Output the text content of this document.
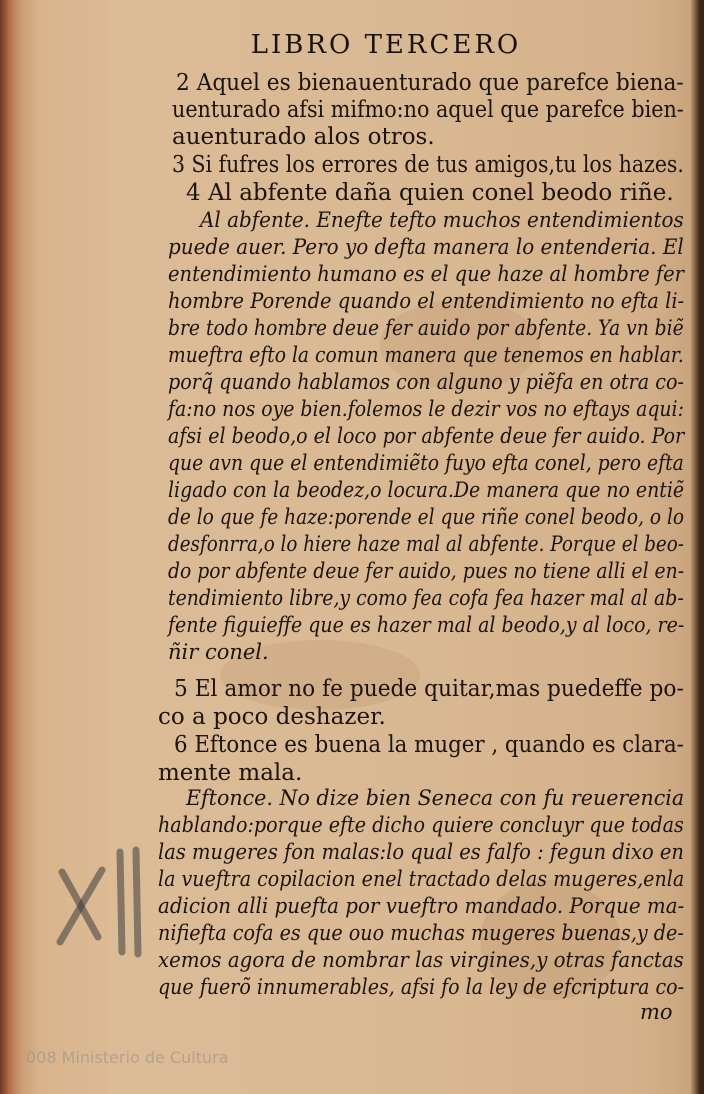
LIBRO TERCERO
2 Aquel es bienauenturado que parefce biena-
uenturado afsi mifmo:no aquel que parefce bien-
auenturado alos otros.
3 Si fufres los errores de tus amigos,tu los hazes.
4 Al abfente daña quien conel beodo riñe.
Al abfente. Enefte tefto muchos entendimientos
puede auer. Pero yo defta manera lo entenderia. El
entendimiento humano es el que haze al hombre fer
hombre Porende quando el entendimiento no efta li-
bre todo hombre deue fer auido por abfente. Ya vn biẽ
mueftra efto la comun manera que tenemos en hablar.
porq̃ quando hablamos con alguno y piẽfa en otra co-
fa:no nos oye bien.folemos le dezir vos no eftays aqui:
afsi el beodo,o el loco por abfente deue fer auido. Por
que avn que el entendimiẽto fuyo efta conel, pero efta
ligado con la beodez,o locura.De manera que no entiẽ
de lo que fe haze:porende el que riñe conel beodo, o lo
desfonrra,o lo hiere haze mal al abfente. Porque el beo-
do por abfente deue fer auido, pues no tiene alli el en-
tendimiento libre,y como fea cofa fea hazer mal al ab-
fente figuieffe que es hazer mal al beodo,y al loco, re-
ñir conel.
5 El amor no fe puede quitar,mas puedeffe po-
co a poco deshazer.
6 Eftonce es buena la muger , quando es clara-
mente mala.
Eftonce. No dize bien Seneca con fu reuerencia
hablando:porque efte dicho quiere concluyr que todas
las mugeres fon malas:lo qual es falfo : fegun dixo en
la vueftra copilacion enel tractado delas mugeres,enla
adicion alli puefta por vueftro mandado. Porque ma-
nifiefta cofa es que ouo muchas mugeres buenas,y de-
xemos agora de nombrar las virgines,y otras fanctas
que fuerõ innumerables, afsi fo la ley de efcriptura co-
mo
008 Ministerio de Cultura
